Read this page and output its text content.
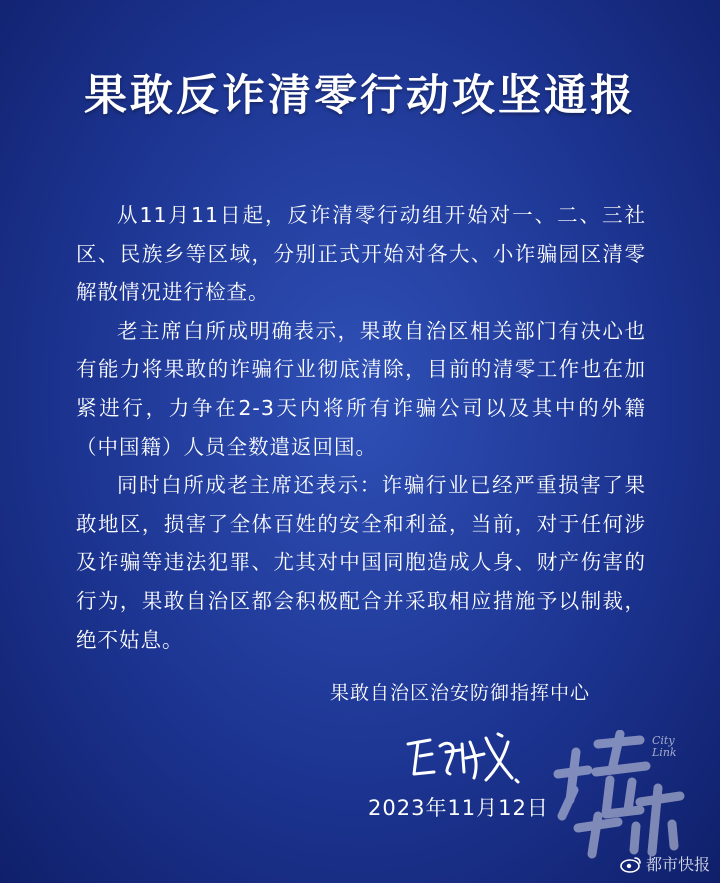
果敢反诈清零行动攻坚通报

从11月11日起，反诈清零行动组开始对一、二、三社区、民族乡等区域，分别正式开始对各大、小诈骗园区清零解散情况进行检查。

老主席白所成明确表示，果敢自治区相关部门有决心也有能力将果敢的诈骗行业彻底清除，目前的清零工作也在加紧进行，力争在2-3天内将所有诈骗公司以及其中的外籍（中国籍）人员全数遣返回国。

同时白所成老主席还表示：诈骗行业已经严重损害了果敢地区，损害了全体百姓的安全和利益，当前，对于任何涉及诈骗等违法犯罪、尤其对中国同胞造成人身、财产伤害的行为，果敢自治区都会积极配合并采取相应措施予以制裁，绝不姑息。

果敢自治区治安防御指挥中心
2023年11月12日
City
Link
都市快报
